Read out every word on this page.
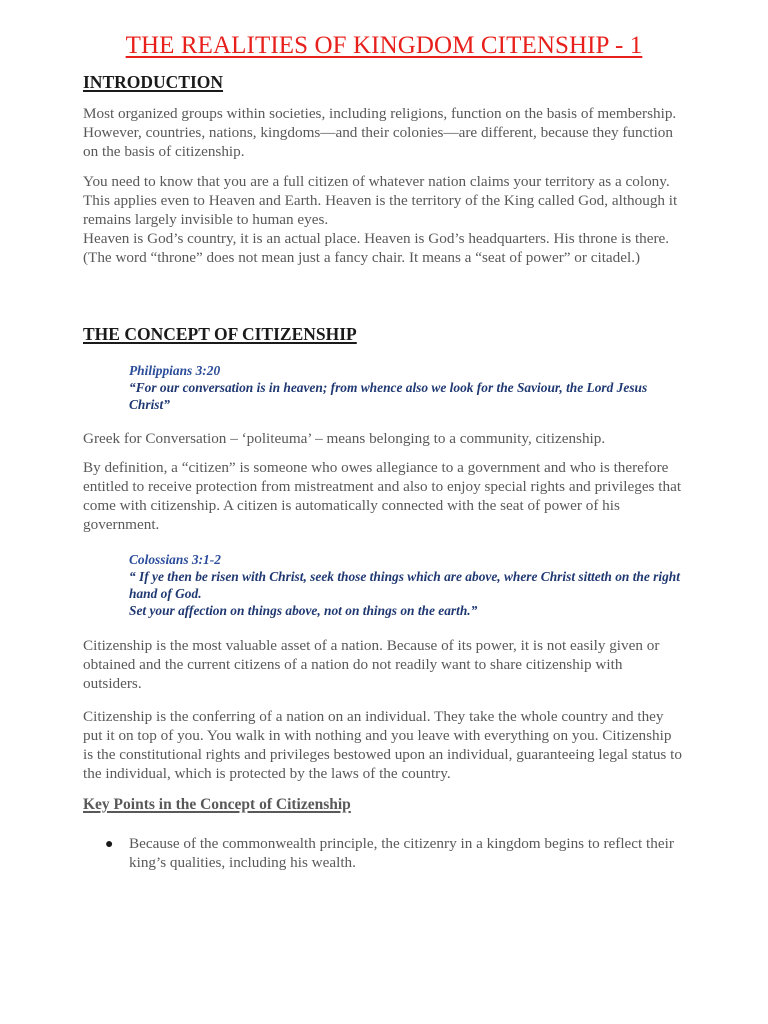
THE REALITIES OF KINGDOM CITENSHIP - 1
INTRODUCTION

Most organized groups within societies, including religions, function on the basis of membership. However, countries, nations, kingdoms—and their colonies—are different, because they function on the basis of citizenship.

You need to know that you are a full citizen of whatever nation claims your territory as a colony. This applies even to Heaven and Earth. Heaven is the territory of the King called God, although it remains largely invisible to human eyes.

Heaven is God’s country, it is an actual place. Heaven is God’s headquarters. His throne is there. (The word “throne” does not mean just a fancy chair. It means a “seat of power” or citadel.)

THE CONCEPT OF CITIZENSHIP
Philippians 3:20
“For our conversation is in heaven; from whence also we look for the Saviour, the Lord Jesus Christ”

Greek for Conversation – ‘politeuma’ – means belonging to a community, citizenship.

By definition, a “citizen” is someone who owes allegiance to a government and who is therefore entitled to receive protection from mistreatment and also to enjoy special rights and privileges that come with citizenship. A citizen is automatically connected with the seat of power of his government.

Colossians 3:1-2
“ If ye then be risen with Christ, seek those things which are above, where Christ sitteth on the right hand of God.
Set your affection on things above, not on things on the earth.”

Citizenship is the most valuable asset of a nation. Because of its power, it is not easily given or obtained and the current citizens of a nation do not readily want to share citizenship with outsiders.

Citizenship is the conferring of a nation on an individual. They take the whole country and they put it on top of you. You walk in with nothing and you leave with everything on you. Citizenship is the constitutional rights and privileges bestowed upon an individual, guaranteeing legal status to the individual, which is protected by the laws of the country.

Key Points in the Concept of Citizenship
● Because of the commonwealth principle, the citizenry in a kingdom begins to reflect their king’s qualities, including his wealth.
